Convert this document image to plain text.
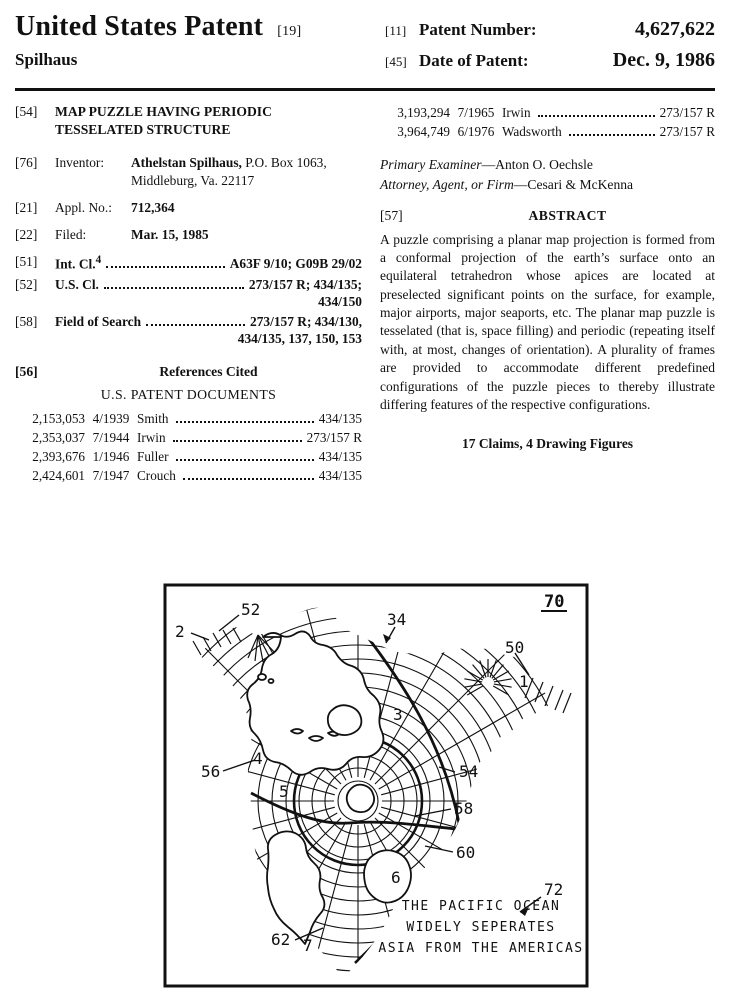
United States Patent [19]
Spilhaus
[11] Patent Number:	4,627,622
[45] Date of Patent:	Dec. 9, 1986
[54]	MAP PUZZLE HAVING PERIODIC
TESSELATED STRUCTURE
[76]	Inventor:	Athelstan Spilhaus, P.O. Box 1063,
Middleburg, Va. 22117
[21]	Appl. No.:	712,364
[22]	Filed:	Mar. 15, 1985
[51]	Int. Cl.$^4$	A63F 9/10; G09B 29/02
[52]	U.S. Cl.	273/157 R; 434/135;
434/150
[58]	Field of Search	273/157 R; 434/130,
434/135, 137, 150, 153
[56]	References Cited
U.S. PATENT DOCUMENTS
2,153,053 4/1939 Smith	434/135
2,353,037 7/1944 Irwin	273/157 R
2,393,676 1/1946 Fuller	434/135
2,424,601 7/1947 Crouch	434/135
3,193,294 7/1965 Irwin	273/157 R
3,964,749 6/1976 Wadsworth	273/157 R
Primary Examiner—Anton O. Oechsle
Attorney, Agent, or Firm—Cesari & McKenna
[57]	ABSTRACT
A puzzle comprising a planar map projection is formed from a conformal projection of the earth’s surface onto an equilateral tetrahedron whose apices are located at preselected significant points on the surface, for example, major airports, major seaports, etc. The planar map puzzle is tesselated (that is, space filling) and periodic (repeating itself with, at most, changes of orientation). A plurality of frames are provided to accommodate different predefined configurations of the puzzle pieces to thereby illustrate differing features of the respective configurations.
17 Claims, 4 Drawing Figures
70
2
52
34
50
1
3
4
56	54
5
58
60
6
72
62 7
THE PACIFIC OCEAN
WIDELY SEPERATES
ASIA FROM THE AMERICAS
